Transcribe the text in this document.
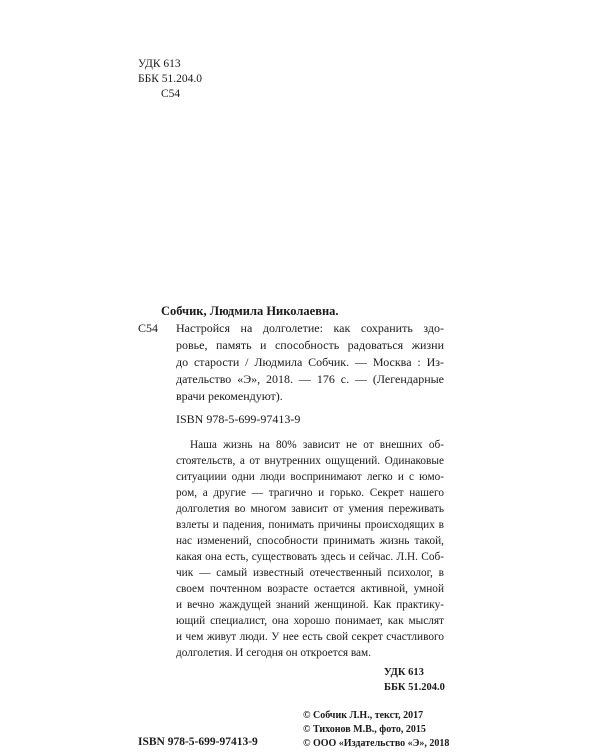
УДК 613
ББК 51.204.0
С54
Собчик, Людмила Николаевна.
С54 Настройся на долголетие: как сохранить здо-
ровье, память и способность радоваться жизни
до старости / Людмила Собчик. — Москва : Из-
дательство «Э», 2018. — 176 с. — (Легендарные
врачи рекомендуют).
ISBN 978-5-699-97413-9
Наша жизнь на 80% зависит не от внешних об-
стоятельств, а от внутренних ощущений. Одинаковые
ситуациии одни люди воспринимают легко и с юмо-
ром, а другие — трагично и горько. Секрет нашего
долголетия во многом зависит от умения переживать
взлеты и падения, понимать причины происходящих в
нас изменений, способности принимать жизнь такой,
какая она есть, существовать здесь и сейчас. Л.Н. Соб-
чик — самый известный отечественный психолог, в
своем почтенном возрасте остается активной, умной
и вечно жаждущей знаний женщиной. Как практику-
ющий специалист, она хорошо понимает, как мыслят
и чем живут люди. У нее есть свой секрет счастливого
долголетия. И сегодня он откроется вам.
УДК 613
ББК 51.204.0
© Собчик Л.Н., текст, 2017
© Тихонов М.В., фото, 2015
© ООО «Издательство «Э», 2018
ISBN 978-5-699-97413-9
